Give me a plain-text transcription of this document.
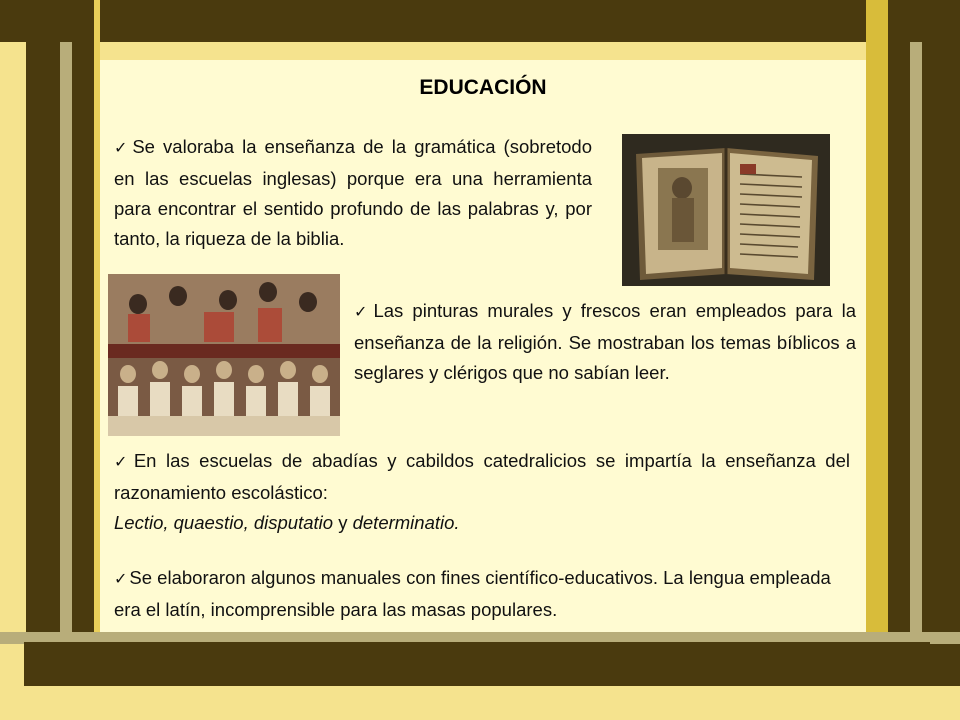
EDUCACIÓN
✓ Se valoraba la enseñanza de la gramática (sobretodo en las escuelas inglesas) porque era una herramienta para encontrar el sentido profundo de las palabras y, por tanto, la riqueza de la biblia.
✓ Las pinturas murales y frescos eran empleados para la enseñanza de la religión. Se mostraban los temas bíblicos a seglares y clérigos que no sabían leer.
✓ En las escuelas de abadías y cabildos catedralicios se impartía la enseñanza del razonamiento escolástico:
Lectio, quaestio, disputatio y determinatio.
✓ Se elaboraron algunos manuales con fines científico-educativos. La lengua empleada era el latín, incomprensible para las masas populares.
